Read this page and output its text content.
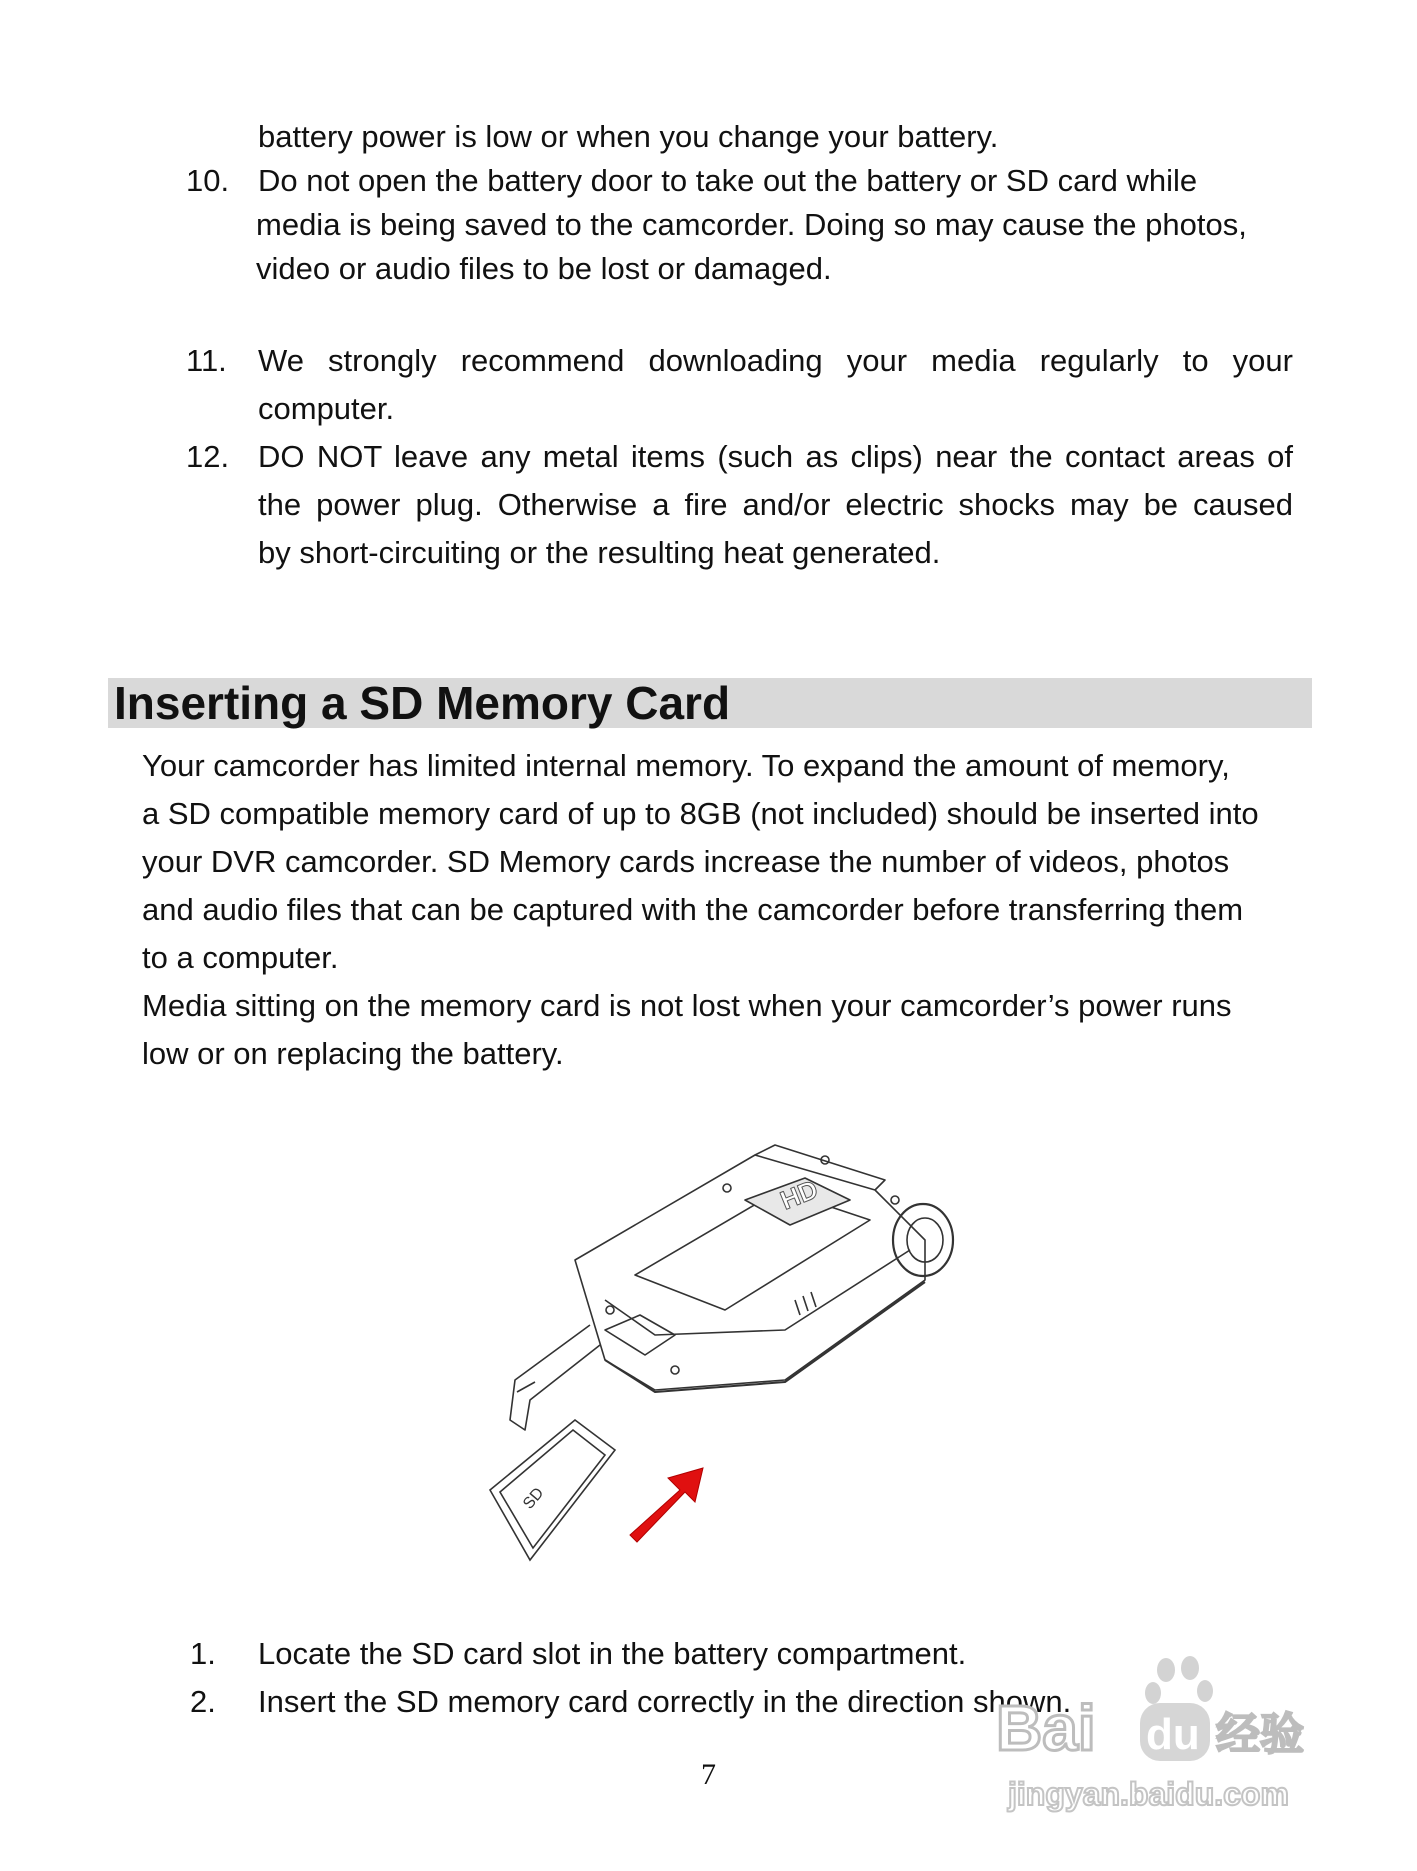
battery power is low or when you change your battery.
10. Do not open the battery door to take out the battery or SD card while
media is being saved to the camcorder. Doing so may cause the photos,
video or audio files to be lost or damaged.
11. We strongly recommend downloading your media regularly to your
computer.
12. DO NOT leave any metal items (such as clips) near the contact areas of
the power plug. Otherwise a fire and/or electric shocks may be caused
by short-circuiting or the resulting heat generated.
Inserting a SD Memory Card
Your camcorder has limited internal memory. To expand the amount of memory,
a SD compatible memory card of up to 8GB (not included) should be inserted into
your DVR camcorder. SD Memory cards increase the number of videos, photos
and audio files that can be captured with the camcorder before transferring them
to a computer.
Media sitting on the memory card is not lost when your camcorder’s power runs
low or on replacing the battery.
HD
SD
1. Locate the SD card slot in the battery compartment.
2. Insert the SD memory card correctly in the direction shown.
7
Bai du 经验
jingyan.baidu.com
